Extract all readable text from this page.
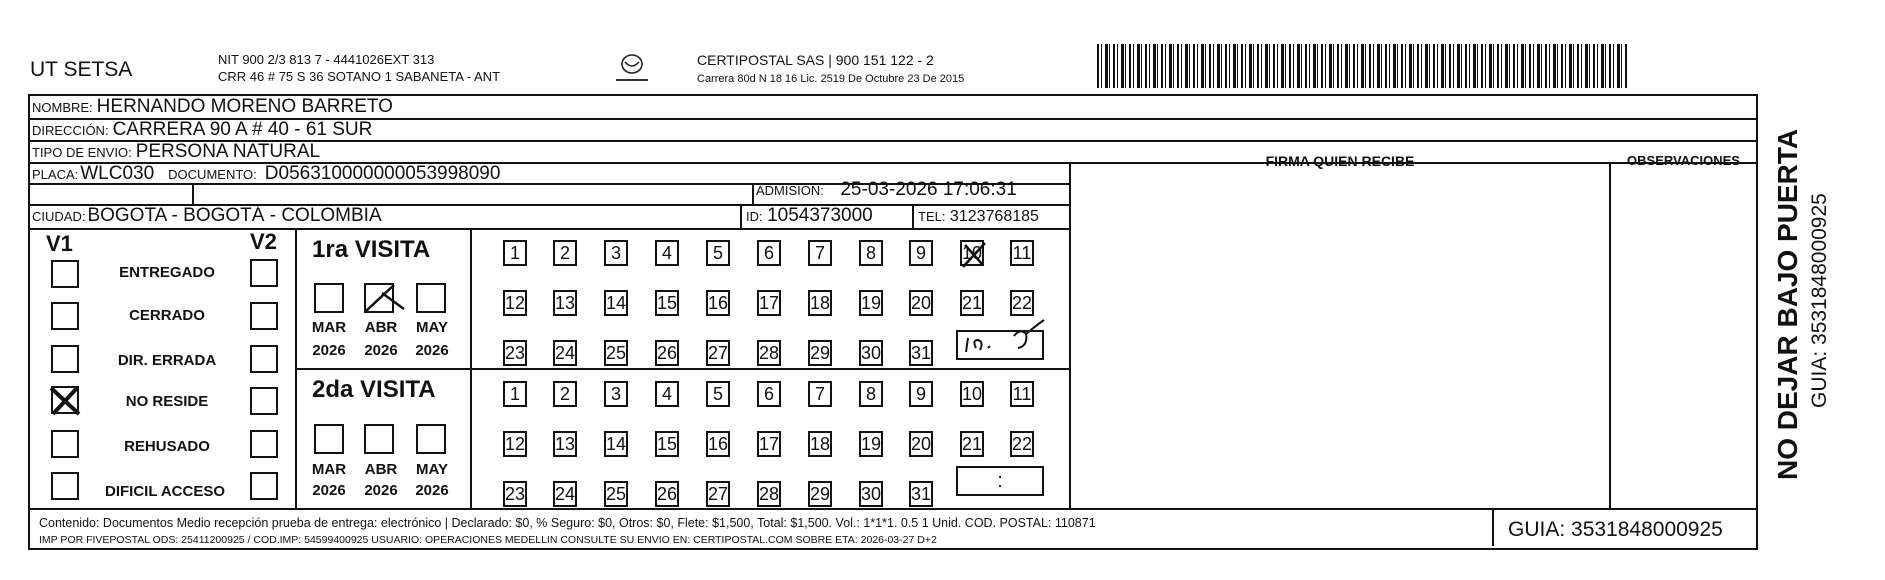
UT SETSA	NIT 900 2/3 813 7 - 4441026EXT 313
CRR 46 # 75 S 36 SOTANO 1 SABANETA - ANT
CERTIPOSTAL SAS | 900 151 122 - 2
Carrera 80d N 18 16 Lic. 2519 De Octubre 23 De 2015
NOMBRE: HERNANDO MORENO BARRETO
DIRECCIÓN: CARRERA 90 A # 40 - 61 SUR
TIPO DE ENVIO: PERSONA NATURAL	FIRMA QUIEN RECIBE	OBSERVACIONES
PLACA: WLC030 DOCUMENTO: D056310000000053998090
ADMISIÓN: 25-03-2026 17:06:31
CIUDAD: BOGOTA - BOGOTÁ - COLOMBIA	ID: 1054373000	TEL: 3123768185
V1	V2
ENTREGADO
CERRADO
DIR. ERRADA
NO RESIDE
REHUSADO
DIFICIL ACCESO
1ra VISITA
MAR	ABR	MAY
2026	2026	2026
2da VISITA
MAR	ABR	MAY
2026	2026	2026
1 2 3 4 5 6 7 8 9 10 11
12 13 14 15 16 17 18 19 20 21 22
23 24 25 26 27 28 29 30 31
1 2 3 4 5 6 7 8 9 10 11
12 13 14 15 16 17 18 19 20 21 22
23 24 25 26 27 28 29 30 31
:
Contenido: Documentos Medio recepción prueba de entrega: electrónico | Declarado: $0, % Seguro: $0, Otros: $0, Flete: $1,500, Total: $1,500. Vol.: 1*1*1. 0.5 1 Unid. COD. POSTAL: 110871
IMP POR FIVEPOSTAL ODS: 25411200925 / COD.IMP: 54599400925 USUARIO: OPERACIONES MEDELLIN CONSULTE SU ENVIO EN: CERTIPOSTAL.COM SOBRE ETA: 2026-03-27 D+2	GUIA: 3531848000925
NO DEJAR BAJO PUERTA GUIA: 3531848000925
